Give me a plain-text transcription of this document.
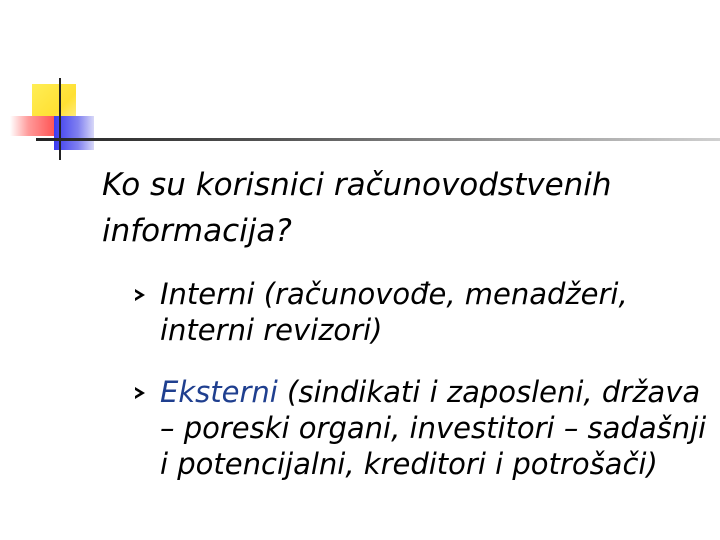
Ko su korisnici računovodstvenih informacija?
Interni (računovođe, menadžeri, interni revizori)
Eksterni (sindikati i zaposleni, država – poreski organi, investitori – sadašnji i potencijalni, kreditori i potrošači)
